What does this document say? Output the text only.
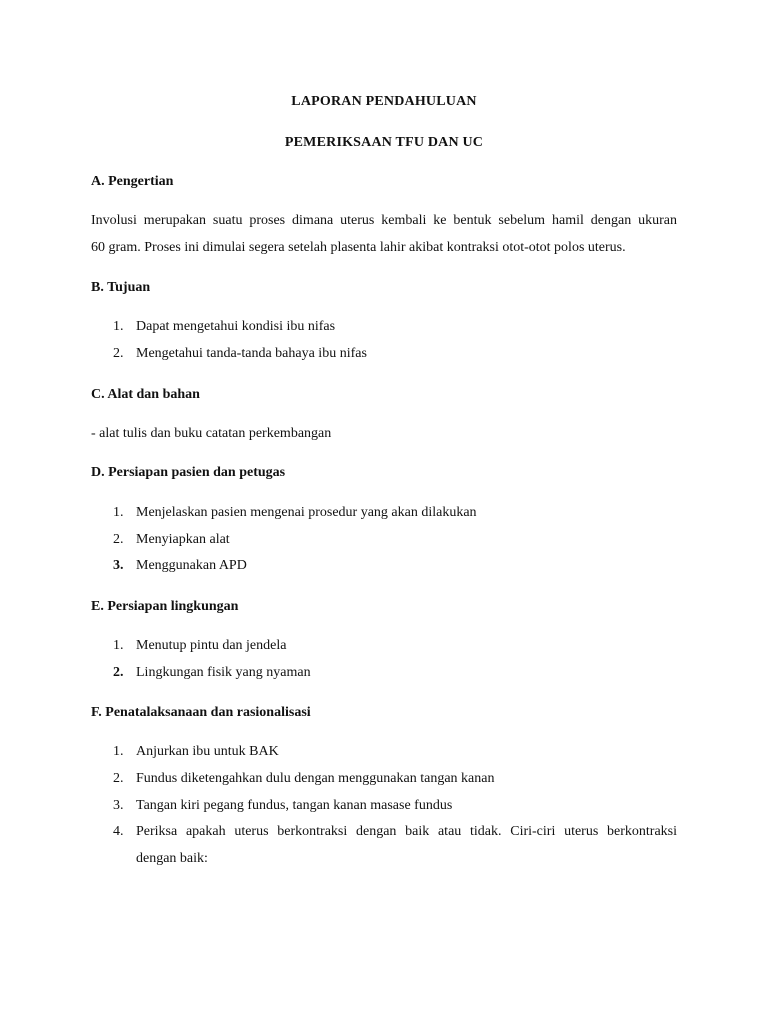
LAPORAN PENDAHULUAN
PEMERIKSAAN TFU DAN UC
A. Pengertian
Involusi merupakan suatu proses dimana uterus kembali ke bentuk sebelum hamil dengan ukuran
60 gram. Proses ini dimulai segera setelah plasenta lahir akibat kontraksi otot-otot polos uterus.
B. Tujuan
1. Dapat mengetahui kondisi ibu nifas
2. Mengetahui tanda-tanda bahaya ibu nifas
C. Alat dan bahan
- alat tulis dan buku catatan perkembangan
D. Persiapan pasien dan petugas
1. Menjelaskan pasien mengenai prosedur yang akan dilakukan
2. Menyiapkan alat
3. Menggunakan APD
E. Persiapan lingkungan
1. Menutup pintu dan jendela
2. Lingkungan fisik yang nyaman
F. Penatalaksanaan dan rasionalisasi
1. Anjurkan ibu untuk BAK
2. Fundus diketengahkan dulu dengan menggunakan tangan kanan
3. Tangan kiri pegang fundus, tangan kanan masase fundus
4. Periksa apakah uterus berkontraksi dengan baik atau tidak. Ciri-ciri uterus berkontraksi
dengan baik:
